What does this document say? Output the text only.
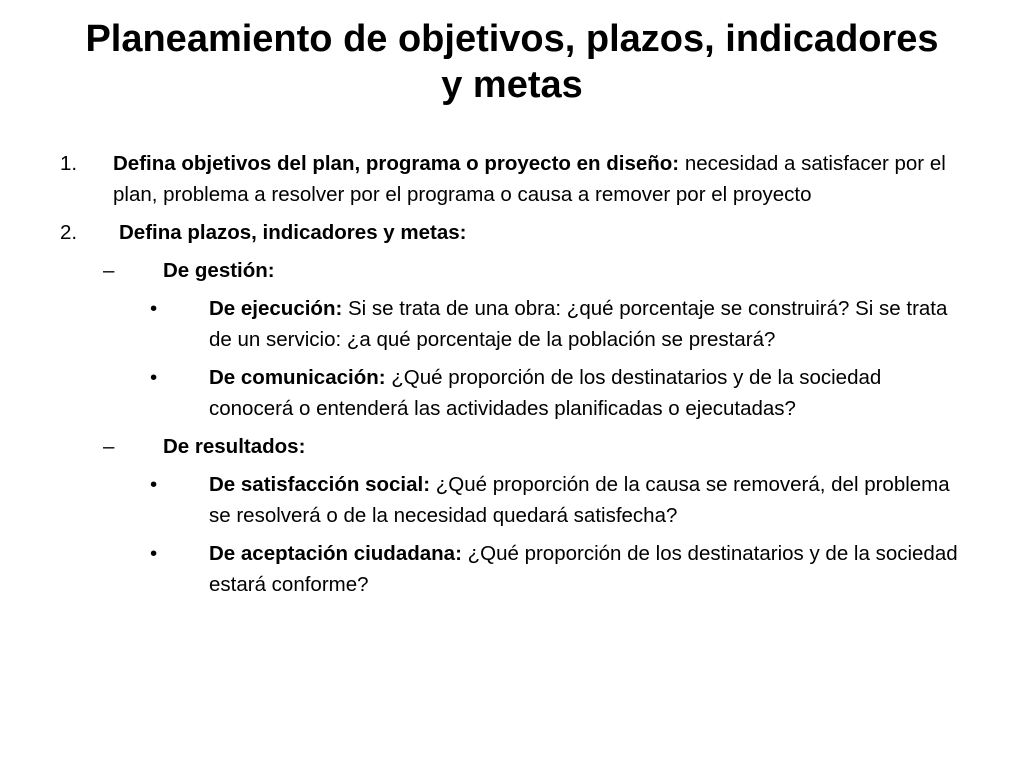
Planeamiento de objetivos, plazos, indicadores
y metas
1. Defina objetivos del plan, programa o proyecto en diseño: necesidad a satisfacer por el plan, problema a resolver por el programa o causa a remover por el proyecto
2. Defina plazos, indicadores y metas:
– De gestión:
•	De ejecución: Si se trata de una obra: ¿qué porcentaje se construirá? Si se trata de un servicio: ¿a qué porcentaje de la población se prestará?
•	De comunicación: ¿Qué proporción de los destinatarios y de la sociedad conocerá o entenderá las actividades planificadas o ejecutadas?
– De resultados:
•	De satisfacción social: ¿Qué proporción de la causa se removerá, del problema se resolverá o de la necesidad quedará satisfecha?
•	De aceptación ciudadana: ¿Qué proporción de los destinatarios y de la sociedad estará conforme?
